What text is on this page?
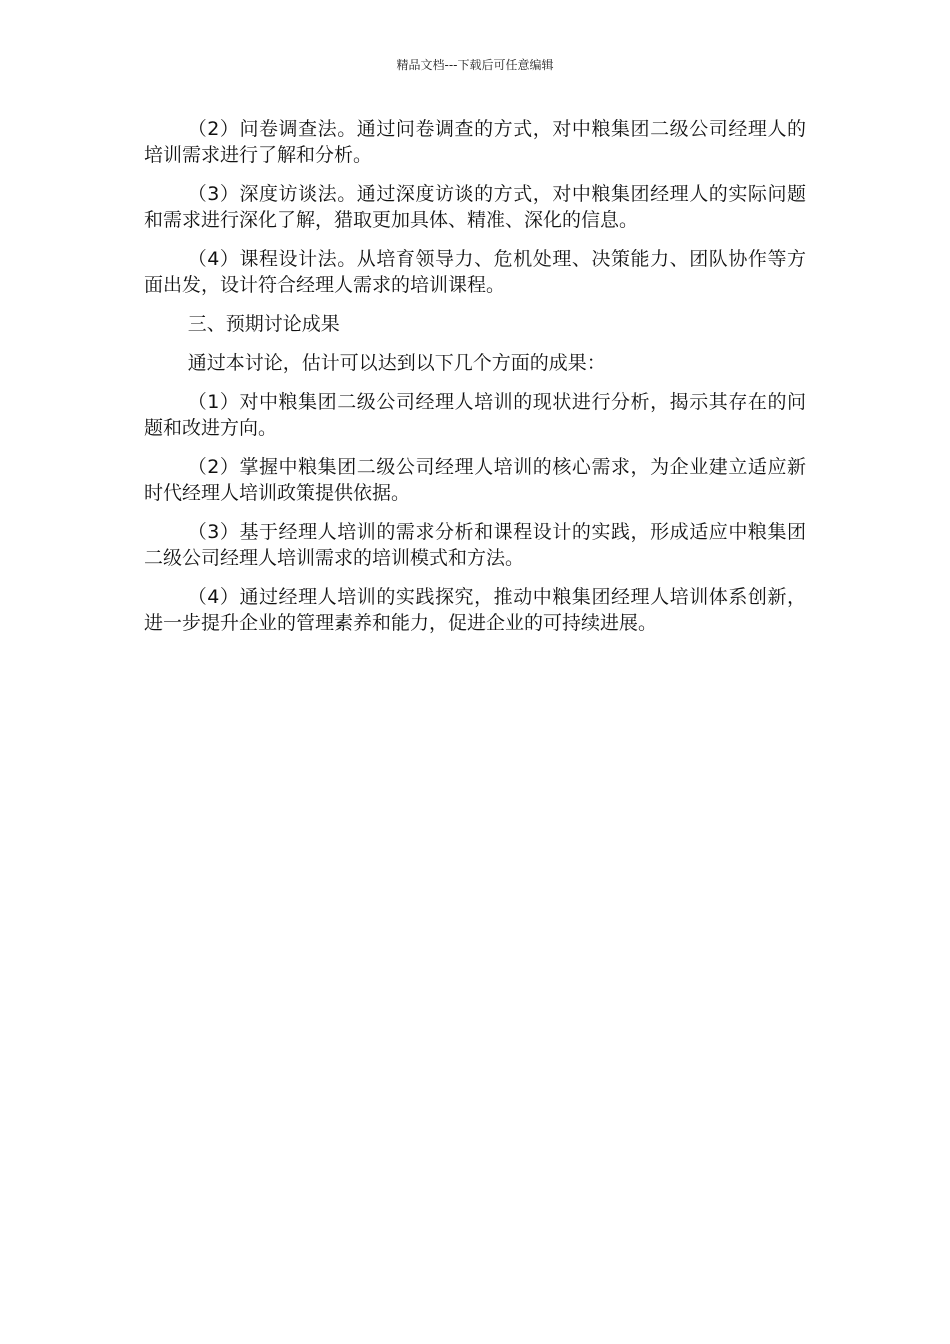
精品文档---下载后可任意编辑

（2）问卷调查法。通过问卷调查的方式，对中粮集团二级公司经理人的培训需求进行了解和分析。

（3）深度访谈法。通过深度访谈的方式，对中粮集团经理人的实际问题和需求进行深化了解，猎取更加具体、精准、深化的信息。

（4）课程设计法。从培育领导力、危机处理、决策能力、团队协作等方面出发，设计符合经理人需求的培训课程。

三、预期讨论成果

通过本讨论，估计可以达到以下几个方面的成果：

（1）对中粮集团二级公司经理人培训的现状进行分析，揭示其存在的问题和改进方向。

（2）掌握中粮集团二级公司经理人培训的核心需求，为企业建立适应新时代经理人培训政策提供依据。

（3）基于经理人培训的需求分析和课程设计的实践，形成适应中粮集团二级公司经理人培训需求的培训模式和方法。

（4）通过经理人培训的实践探究，推动中粮集团经理人培训体系创新，进一步提升企业的管理素养和能力，促进企业的可持续进展。
